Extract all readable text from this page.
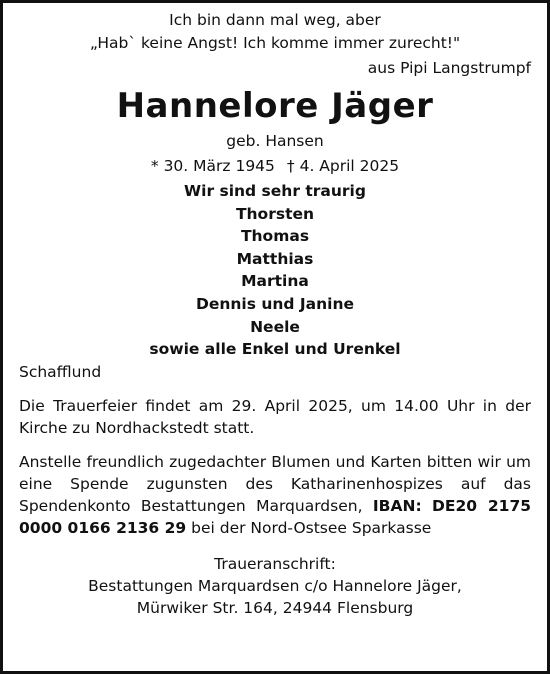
Ich bin dann mal weg, aber
„Hab` keine Angst! Ich komme immer zurecht!"

aus Pipi Langstrumpf

Hannelore Jäger

geb. Hansen

* 30. März 1945 † 4. April 2025

Wir sind sehr traurig
Thorsten
Thomas
Matthias
Martina
Dennis und Janine
Neele
sowie alle Enkel und Urenkel

Schafflund

Die Trauerfeier findet am 29. April 2025, um 14.00 Uhr in der Kirche zu Nordhackstedt statt.

Anstelle freundlich zugedachter Blumen und Karten bitten wir um eine Spende zugunsten des Katharinenhospizes auf das Spendenkonto Bestattungen Marquardsen, IBAN: DE20 2175 0000 0166 2136 29 bei der Nord-Ostsee Sparkasse

Traueranschrift:
Bestattungen Marquardsen c/o Hannelore Jäger,
Mürwiker Str. 164, 24944 Flensburg
